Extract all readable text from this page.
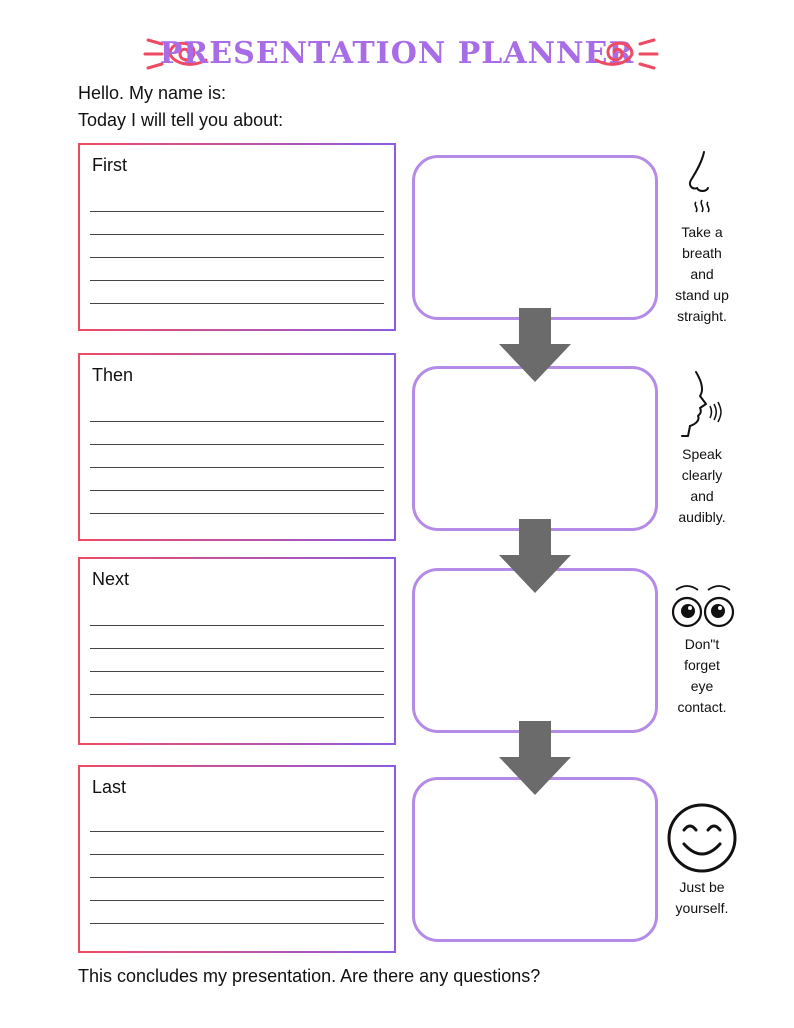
PRESENTATION PLANNER
Hello. My name is:
Today I will tell you about:
First
Then
Next
Last
Take a
breath
and
stand up
straight.
Speak
clearly
and
audibly.
Don"t
forget
eye
contact.
Just be
yourself.
This concludes my presentation. Are there any questions?
